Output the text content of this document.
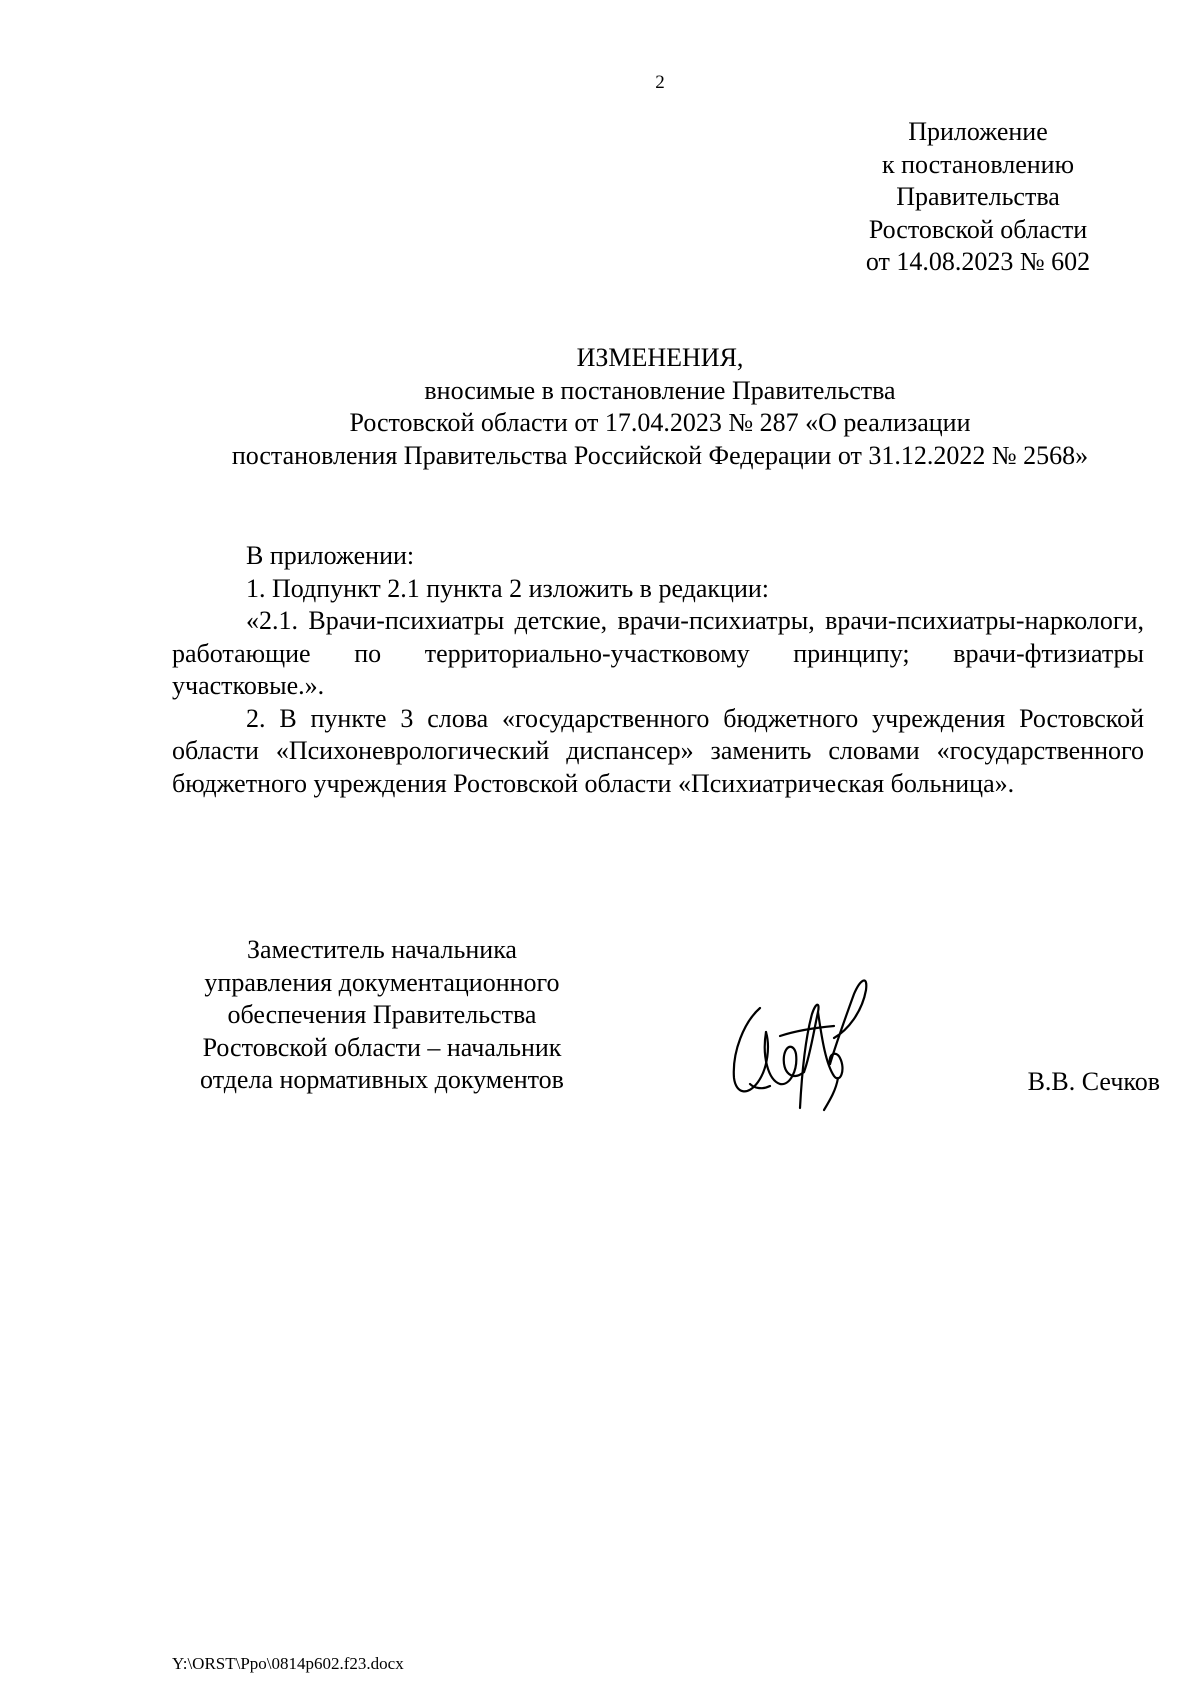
2
Приложение
к постановлению
Правительства
Ростовской области
от 14.08.2023 № 602
ИЗМЕНЕНИЯ,
вносимые в постановление Правительства
Ростовской области от 17.04.2023 № 287 «О реализации
постановления Правительства Российской Федерации от 31.12.2022 № 2568»

В приложении:

1. Подпункт 2.1 пункта 2 изложить в редакции:

«2.1. Врачи-психиатры детские, врачи-психиатры, врачи-психиатры-наркологи, работающие по территориально-участковому принципу; врачи-фтизиатры участковые.».

2. В пункте 3 слова «государственного бюджетного учреждения Ростовской области «Психоневрологический диспансер» заменить словами «государственного бюджетного учреждения Ростовской области «Психиатрическая больница».

Заместитель начальника
управления документационного
обеспечения Правительства
Ростовской области – начальник
отдела нормативных документов	В.В. Сечков
Y:\ORST\Ppo\0814p602.f23.docx
